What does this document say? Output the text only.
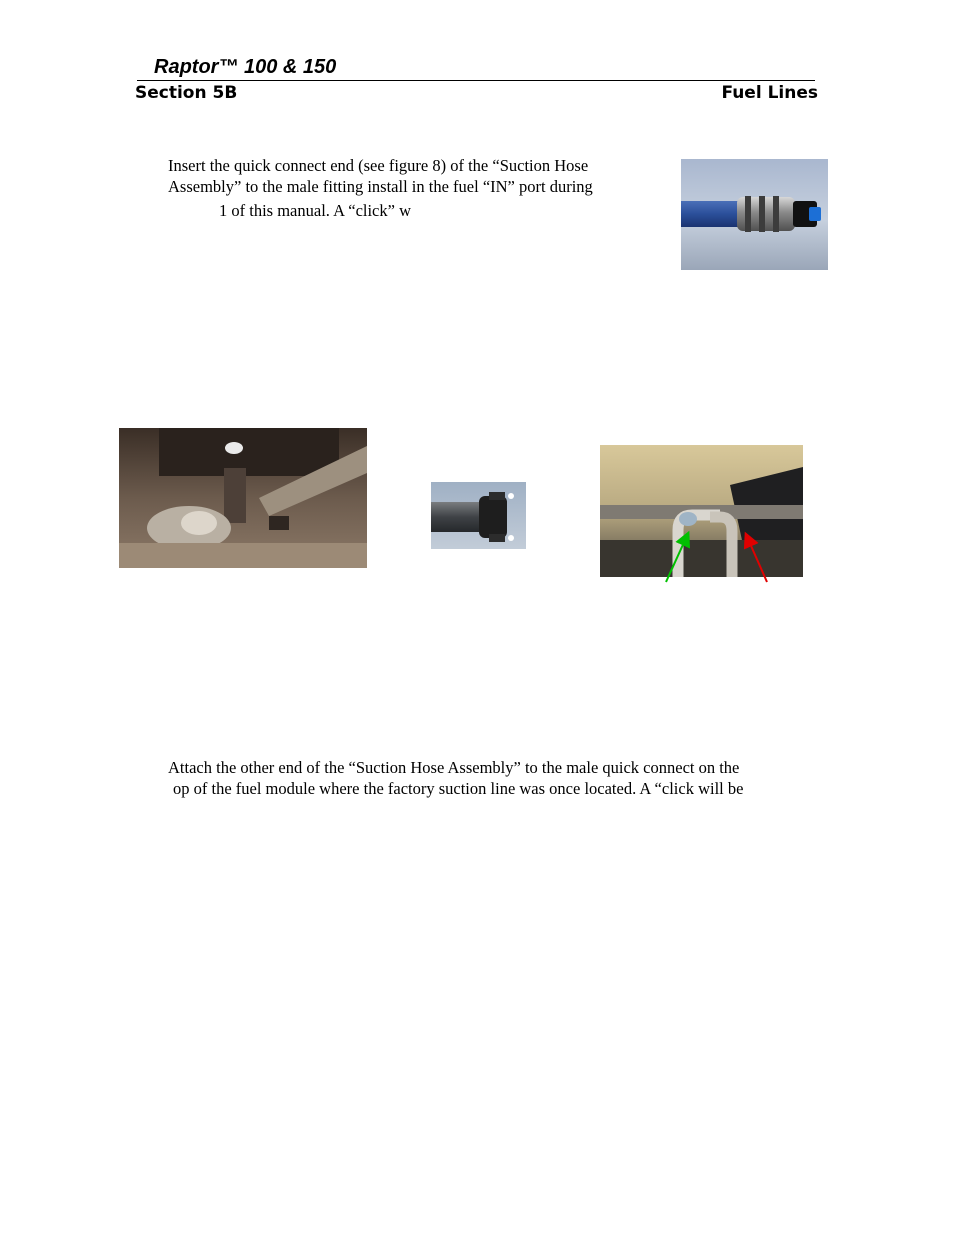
Raptor™ 100 & 150
Section 5B	Fuel Lines
Insert the quick connect end (see figure 8) of the “Suction Hose
Assembly” to the male fitting install in the fuel “IN” port during
1 of this manual. A “click” w
Attach the other end of the “Suction Hose Assembly” to the male quick connect on the
op of the fuel module where the factory suction line was once located. A “click will be
